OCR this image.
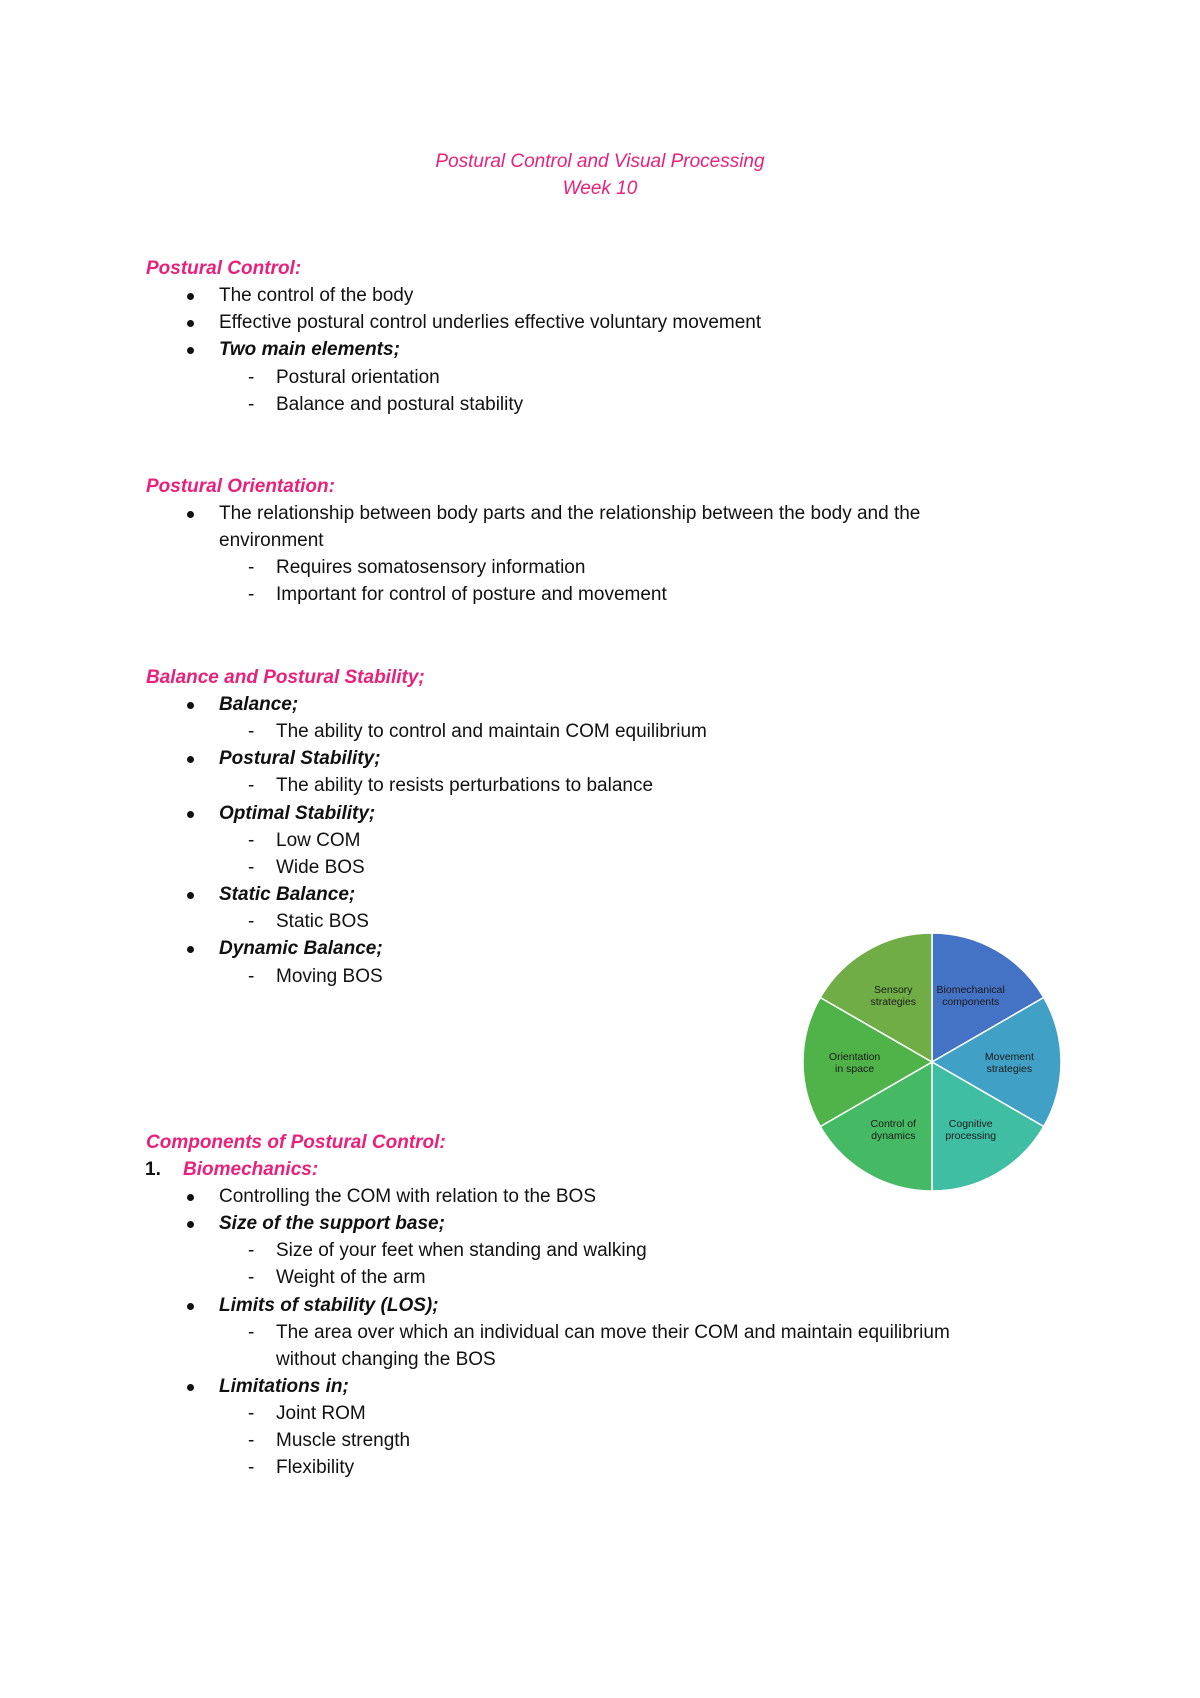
Postural Control and Visual Processing
Week 10
Postural Control:
The control of the body
Effective postural control underlies effective voluntary movement
Two main elements;
- Postural orientation
- Balance and postural stability
Postural Orientation:
The relationship between body parts and the relationship between the body and the
environment
- Requires somatosensory information
- Important for control of posture and movement
Balance and Postural Stability;
Balance;
- The ability to control and maintain COM equilibrium
Postural Stability;
- The ability to resists perturbations to balance
Optimal Stability;
- Low COM
- Wide BOS
Static Balance;
- Static BOS
Dynamic Balance;
- Moving BOS
Biomechanical components
Movement strategies
Cognitive processing
Control of dynamics
Orientation in space
Sensory strategies
Components of Postural Control:
1. Biomechanics:
Controlling the COM with relation to the BOS
Size of the support base;
- Size of your feet when standing and walking
- Weight of the arm
Limits of stability (LOS);
- The area over which an individual can move their COM and maintain equilibrium
without changing the BOS
Limitations in;
- Joint ROM
- Muscle strength
- Flexibility
